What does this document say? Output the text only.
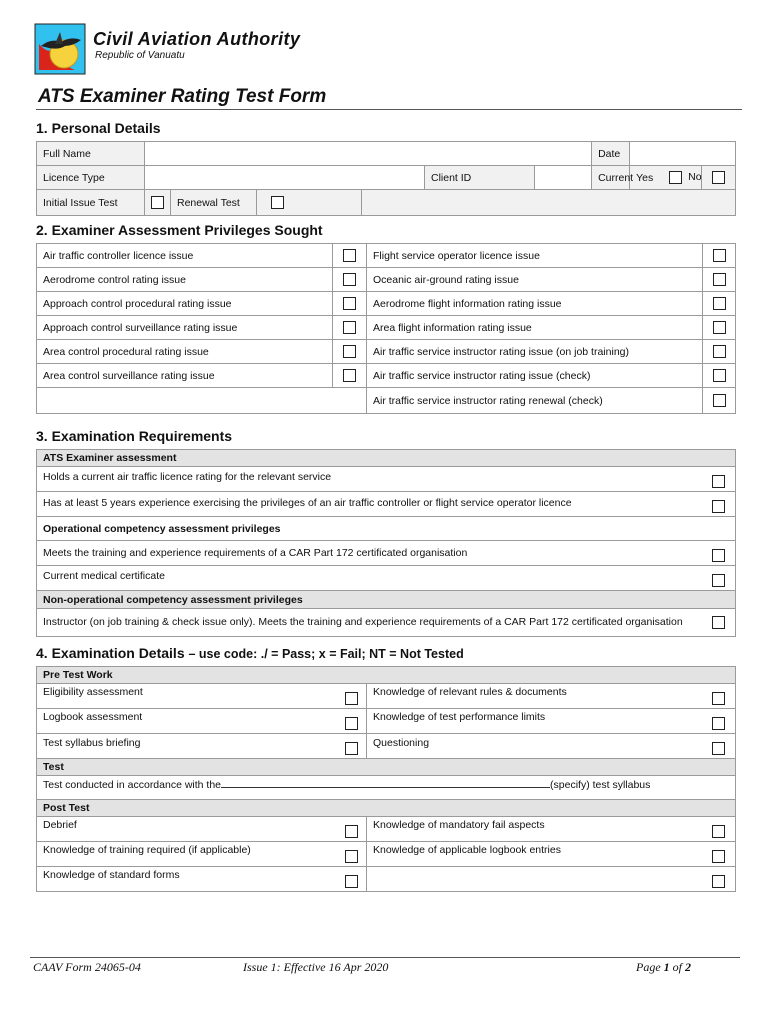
Civil Aviation Authority
Republic of Vanuatu
ATS Examiner Rating Test Form
1. Personal Details
Full Name							Date			
Licence Type					Client ID		Current	Yes	No	
Initial Issue Test		Renewal Test								
2. Examiner Assessment Privileges Sought
Air traffic controller licence issue		Flight service operator licence issue	
Aerodrome control rating issue		Oceanic air-ground rating issue	
Approach control procedural rating issue		Aerodrome flight information rating issue	
Approach control surveillance rating issue		Area flight information rating issue	
Area control procedural rating issue		Air traffic service instructor rating issue (on job training)	
Area control surveillance rating issue		Air traffic service instructor rating issue (check)	
		Air traffic service instructor rating renewal (check)	
3. Examination Requirements
ATS Examiner assessment	
Holds a current air traffic licence rating for the relevant service	
Has at least 5 years experience exercising the privileges of an air traffic controller or flight service operator licence	
Operational competency assessment privileges	
Meets the training and experience requirements of a CAR Part 172 certificated organisation	
Current medical certificate	
Non-operational competency assessment privileges	
Instructor (on job training & check issue only). Meets the training and experience requirements of a CAR Part 172 certificated organisation	
4. Examination Details – use code: ./ = Pass; x = Fail; NT = Not Tested
Pre Test Work			
Eligibility assessment		Knowledge of relevant rules & documents	
Logbook assessment		Knowledge of test performance limits	
Test syllabus briefing		Questioning	
Test			
Test conducted in accordance with the (specify) test syllabus			
Post Test			
Debrief		Knowledge of mandatory fail aspects	
Knowledge of training required (if applicable)		Knowledge of applicable logbook entries	
Knowledge of standard forms			
CAAV Form 24065-04	Issue 1: Effective 16 Apr 2020	Page 1 of 2
